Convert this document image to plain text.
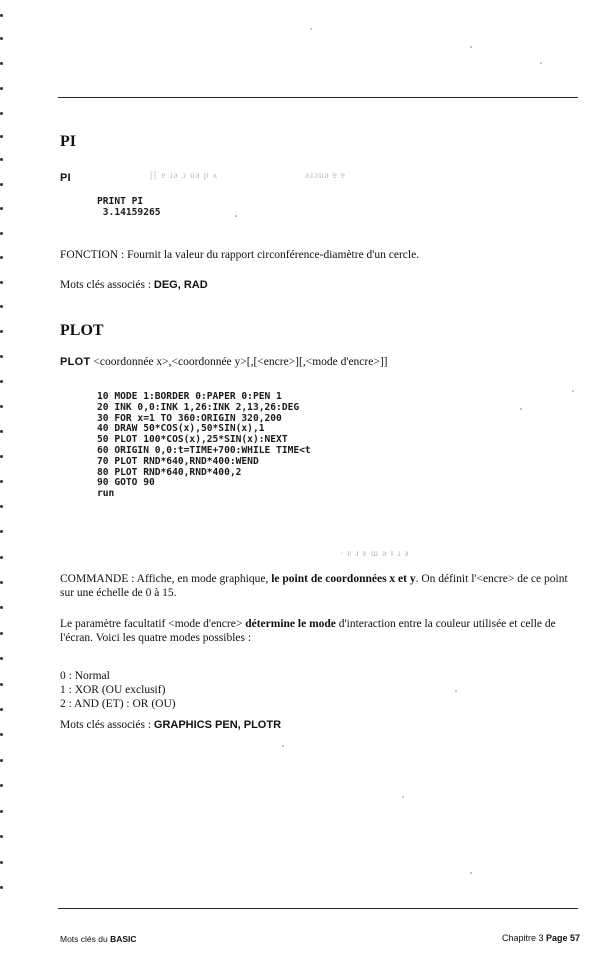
PI
PI	[[ ɐ ɹǝ ɔ uǝ p ʌ	ǝɹɔuǝ ɐ ɐ
PRINT PI
3.14159265
FONCTION : Fournit la valeur du rapport circonférence-diamètre d'un cercle.
Mots clés associés : DEG, RAD
PLOT
PLOT <coordonnée x>,<coordonnée y>[,[<encre>][,<mode d'encre>]]
10 MODE 1:BORDER 0:PAPER 0:PEN 1
20 INK 0,0:INK 1,26:INK 2,13,26:DEG
30 FOR x=1 TO 360:ORIGIN 320,200
40 DRAW 50*COS(x),50*SIN(x),1
50 PLOT 100*COS(x),25*SIN(x):NEXT
60 ORIGIN 0,0:t=TIME+700:WHILE TIME<t
70 PLOT RND*640,RND*400:WEND
80 PLOT RND*640,RND*400,2
90 GOTO 90
run
· ɐ ɹ ɐ ɯ ǝ ʇ ɹ ǝ
COMMANDE : Affiche, en mode graphique, le point de coordonnées x et y. On définit l'<encre> de ce point sur une échelle de 0 à 15.
Le paramètre facultatif <mode d'encre> détermine le mode d'interaction entre la couleur utilisée et celle de l'écran. Voici les quatre modes possibles :
0 : Normal
1 : XOR (OU exclusif)
2 : AND (ET) : OR (OU)
Mots clés associés : GRAPHICS PEN, PLOTR
Mots clés du BASIC	Chapitre 3 Page 57
